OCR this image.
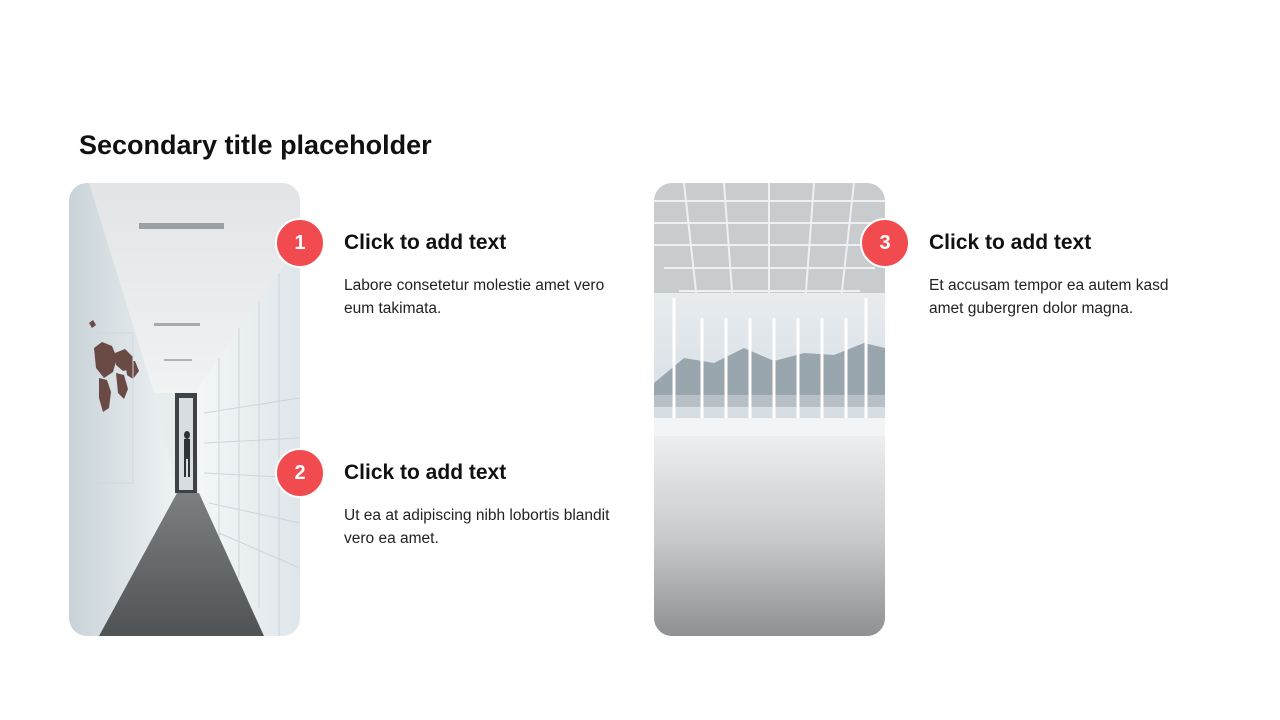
Secondary title placeholder
1	Click to add text
Labore consetetur molestie amet vero eum takimata.
2	Click to add text
Ut ea at adipiscing nibh lobortis blandit vero ea amet.
3	Click to add text
Et accusam tempor ea autem kasd amet gubergren dolor magna.
